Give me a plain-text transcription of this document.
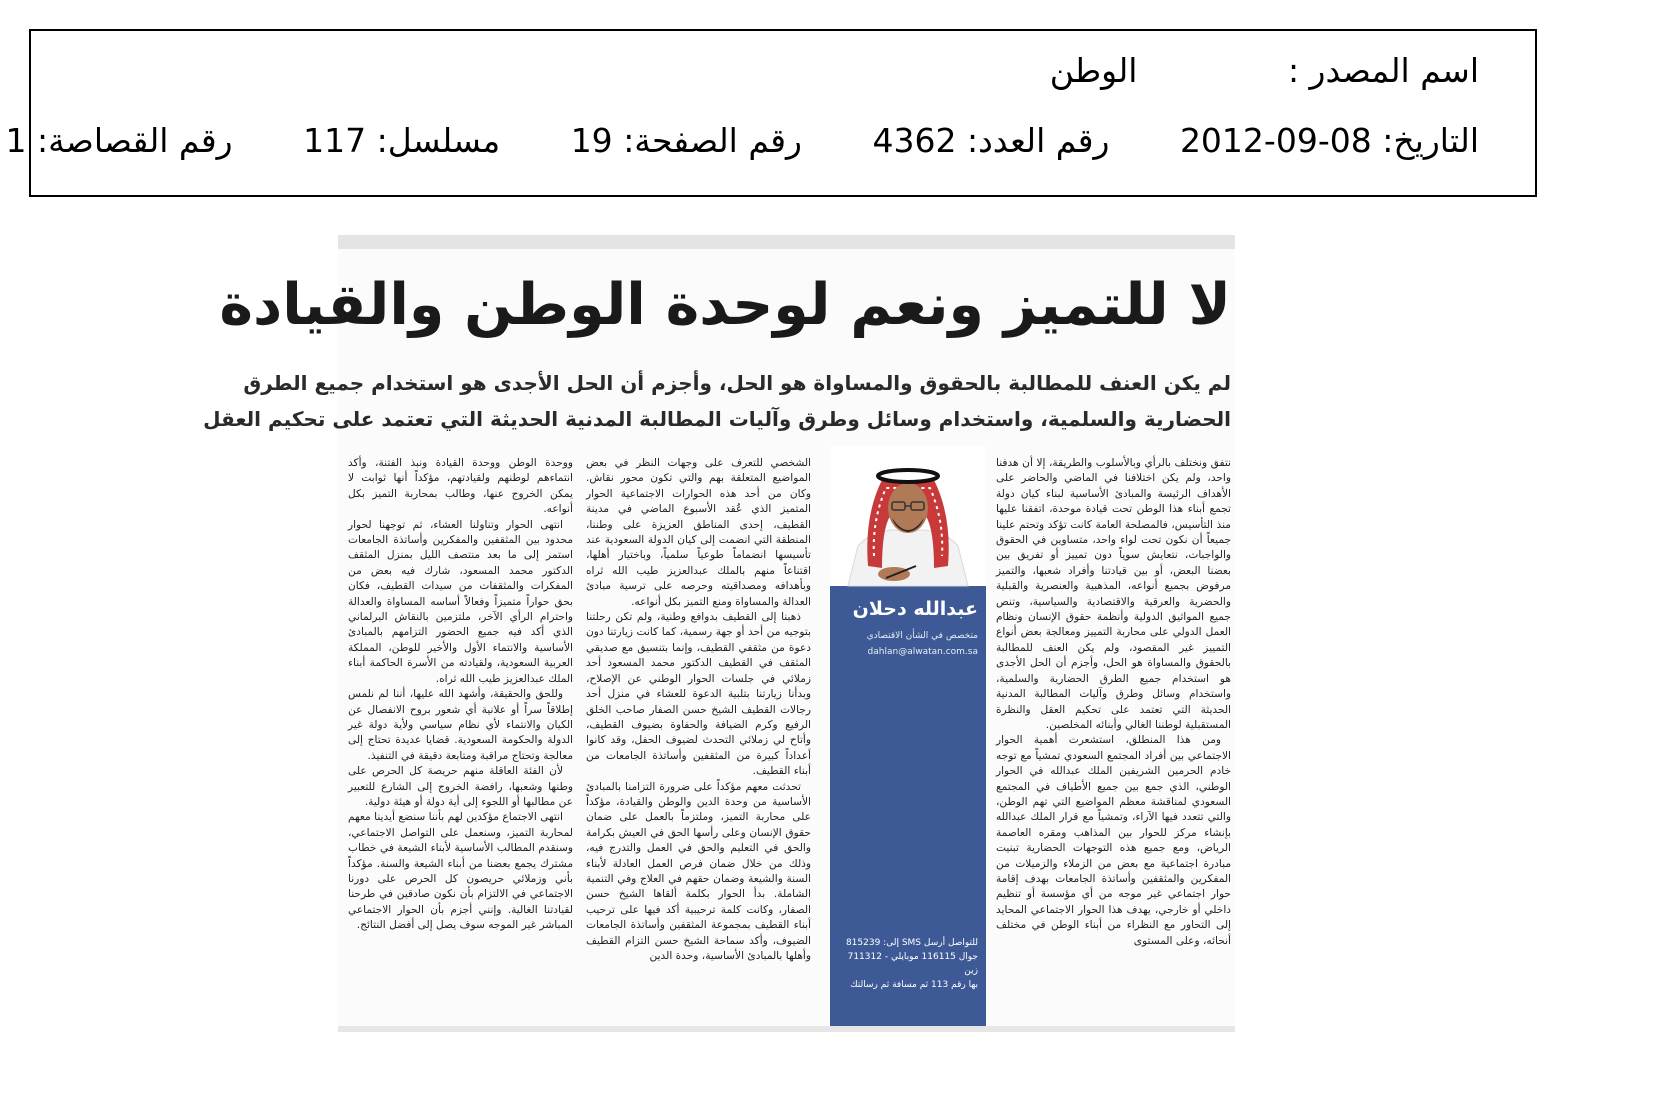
اسم المصدر : الوطن
التاريخ: 2012-09-08 رقم العدد: 4362 رقم الصفحة: 19 مسلسل: 117 رقم القصاصة: 1
لا للتميز ونعم لوحدة الوطن والقيادة
لم يكن العنف للمطالبة بالحقوق والمساواة هو الحل، وأجزم أن الحل الأجدى هو استخدام جميع الطرق
الحضارية والسلمية، واستخدام وسائل وطرق وآليات المطالبة المدنية الحديثة التي تعتمد على تحكيم العقل

نتفق ونختلف بالرأي وبالأسلوب والطريقة، إلا أن هدفنا واحد، ولم يكن اختلافنا في الماضي والحاضر على الأهداف الرئيسة والمبادئ الأساسية لبناء كيان دولة تجمع أبناء هذا الوطن تحت قيادة موحدة، اتفقنا عليها منذ التأسيس، فالمصلحة العامة كانت تؤكد وتحتم علينا جميعاً أن نكون تحت لواء واحد، متساوين في الحقوق والواجبات، نتعايش سوياً دون تمييز أو تفريق بين بعضنا البعض، أو بين قيادتنا وأفراد شعبها، والتميز مرفوض بجميع أنواعه، المذهبية والعنصرية والقبلية والحضرية والعرقية والاقتصادية والسياسية، وتنص جميع المواثيق الدولية وأنظمة حقوق الإنسان ونظام العمل الدولي على محاربة التمييز ومعالجة بعض أنواع التمييز غير المقصود، ولم يكن العنف للمطالبة بالحقوق والمساواة هو الحل، وأجزم أن الحل الأجدى هو استخدام جميع الطرق الحضارية والسلمية، واستخدام وسائل وطرق وآليات المطالبة المدنية الحديثة التي تعتمد على تحكيم العقل والنظرة المستقبلية لوطننا الغالي وأبنائه المخلصين.

ومن هذا المنطلق، استشعرت أهمية الحوار الاجتماعي بين أفراد المجتمع السعودي تمشياً مع توجه خادم الحرمين الشريفين الملك عبدالله في الحوار الوطني، الذي جمع بين جميع الأطياف في المجتمع السعودي لمناقشة معظم المواضيع التي تهم الوطن، والتي تتعدد فيها الآراء، وتمشياً مع قرار الملك عبدالله بإنشاء مركز للحوار بين المذاهب ومقره العاصمة الرياض، ومع جميع هذه التوجهات الحضارية تبنيت مبادرة اجتماعية مع بعض من الزملاء والزميلات من المفكرين والمثقفين وأساتذة الجامعات بهدف إقامة حوار اجتماعي غير موجه من أي مؤسسة أو تنظيم داخلي أو خارجي، يهدف هذا الحوار الاجتماعي المحايد إلى التحاور مع النظراء من أبناء الوطن في مختلف أنحائه، وعلى المستوى

عبدالله دحلان
متخصص في الشأن الاقتصادي
dahlan@alwatan.com.sa
للتواصل أرسل SMS إلى: 815239
جوال 116115 موبايلي - 711312 زين
بها رقم 113 ثم مسافة ثم رسالتك

الشخصي للتعرف على وجهات النظر في بعض المواضيع المتعلقة بهم والتي تكون محور نقاش. وكان من أحد هذه الحوارات الاجتماعية الحوار المتميز الذي عُقد الأسبوع الماضي في مدينة القطيف، إحدى المناطق العزيزة على وطننا، المنطقة التي انضمت إلى كيان الدولة السعودية عند تأسيسها انضماماً طوعياً سلمياً، وباختيار أهلها، اقتناعاً منهم بالملك عبدالعزيز طيب الله ثراه وبأهدافه ومصداقيته وحرصه على ترسية مبادئ العدالة والمساواة ومنع التميز بكل أنواعه.

ذهبنا إلى القطيف بدوافع وطنية، ولم تكن رحلتنا بتوجيه من أحد أو جهة رسمية، كما كانت زيارتنا دون دعوة من مثقفي القطيف، وإنما بتنسيق مع صديقي المثقف في القطيف الدكتور محمد المسعود أحد زملائي في جلسات الحوار الوطني عن الإصلاح، وبدأنا زيارتنا بتلبية الدعوة للعشاء في منزل أحد رجالات القطيف الشيخ حسن الصفار صاحب الخلق الرفيع وكرم الضيافة والحفاوة بضيوف القطيف، وأتاح لي زملائي التحدث لضيوف الحفل، وقد كانوا أعداداً كبيرة من المثقفين وأساتذة الجامعات من أبناء القطيف.

تحدثت معهم مؤكداً على ضرورة التزامنا بالمبادئ الأساسية من وحدة الدين والوطن والقيادة، مؤكداً على محاربة التميز، وملتزماً بالعمل على ضمان حقوق الإنسان وعلى رأسها الحق في العيش بكرامة والحق في التعليم والحق في العمل والتدرج فيه، وذلك من خلال ضمان فرص العمل العادلة لأبناء السنة والشيعة وضمان حقهم في العلاج وفي التنمية الشاملة. بدأ الحوار بكلمة ألقاها الشيخ حسن الصفار، وكانت كلمة ترحيبية أكد فيها على ترحيب أبناء القطيف بمجموعة المثقفين وأساتذة الجامعات الضيوف، وأكد سماحة الشيخ حسن التزام القطيف وأهلها بالمبادئ الأساسية، وحدة الدين

ووحدة الوطن ووحدة القيادة ونبذ الفتنة، وأكد انتماءهم لوطنهم ولقيادتهم، مؤكداً أنها ثوابت لا يمكن الخروج عنها، وطالب بمحاربة التميز بكل أنواعه.

انتهى الحوار وتناولنا العشاء، ثم توجهنا لحوار محدود بين المثقفين والمفكرين وأساتذة الجامعات استمر إلى ما بعد منتصف الليل بمنزل المثقف الدكتور محمد المسعود، شارك فيه بعض من المفكرات والمثقفات من سيدات القطيف، فكان بحق حواراً متميزاً وفعالاً أساسه المساواة والعدالة واحترام الرأي الآخر، ملتزمين بالنقاش البرلماني الذي أكد فيه جميع الحضور التزامهم بالمبادئ الأساسية والانتماء الأول والأخير للوطن، المملكة العربية السعودية، ولقيادته من الأسرة الحاكمة أبناء الملك عبدالعزيز طيب الله ثراه.

وللحق والحقيقة، وأشهد الله عليها، أننا لم نلمس إطلاقاً سراً أو علانية أي شعور بروح الانفصال عن الكيان والانتماء لأي نظام سياسي ولأية دولة غير الدولة والحكومة السعودية. قضايا عديدة تحتاج إلى معالجة وتحتاج مراقبة ومتابعة دقيقة في التنفيذ.

لأن الفئة العاقلة منهم حريصة كل الحرص على وطنها وشعبها، رافضة الخروج إلى الشارع للتعبير عن مطالبها أو اللجوء إلى أية دولة أو هيئة دولية.

انتهى الاجتماع مؤكدين لهم بأننا سنضع أيدينا معهم لمحاربة التميز، وسنعمل على التواصل الاجتماعي، وسنقدم المطالب الأساسية لأبناء الشيعة في خطاب مشترك يجمع بعضنا من أبناء الشيعة والسنة. مؤكداً بأني وزملائي حريصون كل الحرص على دورنا الاجتماعي في الالتزام بأن نكون صادقين في طرحنا لقيادتنا الغالية. وإنني أجزم بأن الحوار الاجتماعي المباشر غير الموجه سوف يصل إلى أفضل النتائج.
